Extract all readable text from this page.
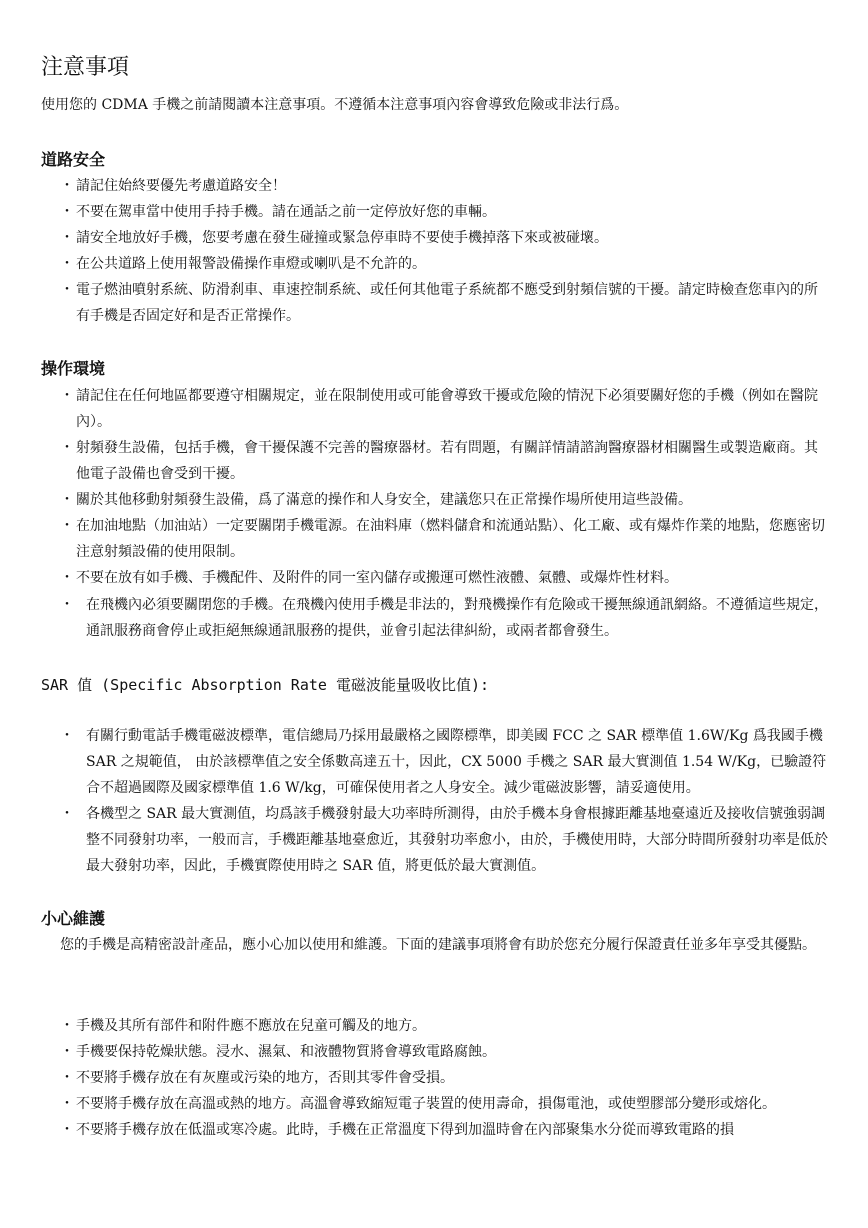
注意事項

使用您的 CDMA 手機之前請閱讀本注意事項。不遵循本注意事項內容會導致危險或非法行爲。

道路安全
・ 請記住始終要優先考慮道路安全！
・ 不要在駕車當中使用手持手機。請在通話之前一定停放好您的車輛。
・ 請安全地放好手機，您要考慮在發生碰撞或緊急停車時不要使手機掉落下來或被碰壞。
・ 在公共道路上使用報警設備操作車燈或喇叭是不允許的。
・ 電子燃油噴射系統、防滑刹車、車速控制系統、或任何其他電子系統都不應受到射頻信號的干擾。請定時檢查您車內的所有手機是否固定好和是否正常操作。
操作環境
・ 請記住在任何地區都要遵守相關規定，並在限制使用或可能會導致干擾或危險的情況下必須要關好您的手機（例如在醫院內）。
・ 射頻發生設備，包括手機，會干擾保護不完善的醫療器材。若有問題，有關詳情請諮詢醫療器材相關醫生或製造廠商。其他電子設備也會受到干擾。
・ 關於其他移動射頻發生設備，爲了滿意的操作和人身安全，建議您只在正常操作場所使用這些設備。
・ 在加油地點（加油站）一定要關閉手機電源。在油料庫（燃料儲倉和流通站點）、化工廠、或有爆炸作業的地點，您應密切注意射頻設備的使用限制。
・ 不要在放有如手機、手機配件、及附件的同一室內儲存或搬運可燃性液體、氣體、或爆炸性材料。
・ 在飛機內必須要關閉您的手機。在飛機內使用手機是非法的，對飛機操作有危險或干擾無線通訊網絡。不遵循這些規定，通訊服務商會停止或拒絕無線通訊服務的提供，並會引起法律糾紛，或兩者都會發生。
SAR 值 (Specific Absorption Rate 電磁波能量吸收比值):
・ 有關行動電話手機電磁波標準，電信總局乃採用最嚴格之國際標準，即美國 FCC 之 SAR 標準值 1.6W/Kg 爲我國手機 SAR 之規範值， 由於該標準值之安全係數高達五十，因此，CX 5000 手機之 SAR 最大實測值 1.54 W/Kg，已驗證符合不超過國際及國家標準值 1.6 W/kg，可確保使用者之人身安全。減少電磁波影響，請妥適使用。
・ 各機型之 SAR 最大實測值，均爲該手機發射最大功率時所測得，由於手機本身會根據距離基地臺遠近及接收信號強弱調整不同發射功率，一般而言，手機距離基地臺愈近，其發射功率愈小，由於，手機使用時，大部分時間所發射功率是低於最大發射功率，因此，手機實際使用時之 SAR 值，將更低於最大實測值。
小心維護

您的手機是高精密設計產品，應小心加以使用和維護。下面的建議事項將會有助於您充分履行保證責任並多年享受其優點。

・ 手機及其所有部件和附件應不應放在兒童可觸及的地方。
・ 手機要保持乾燥狀態。浸水、濕氣、和液體物質將會導致電路腐蝕。
・ 不要將手機存放在有灰塵或污染的地方，否則其零件會受損。
・ 不要將手機存放在高溫或熱的地方。高溫會導致縮短電子裝置的使用壽命，損傷電池，或使塑膠部分變形或熔化。
・ 不要將手機存放在低溫或寒冷處。此時，手機在正常溫度下得到加溫時會在內部聚集水分從而導致電路的損
